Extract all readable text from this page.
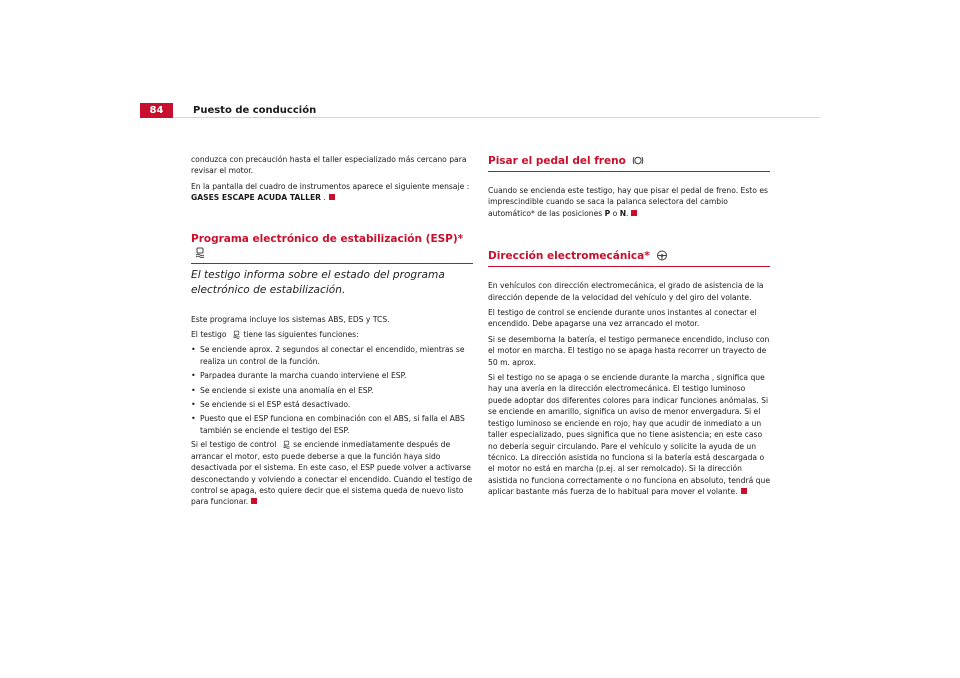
84	Puesto de conducción

conduzca con precaución hasta el taller especializado más cercano para revisar el motor.

En la pantalla del cuadro de instrumentos aparece el siguiente mensaje :
GASES ESCAPE ACUDA TALLER .

Programa electrónico de estabilización (ESP)*

El testigo informa sobre el estado del programa electrónico de estabilización.

Este programa incluye los sistemas ABS, EDS y TCS.

El testigo  tiene las siguientes funciones:

• Se enciende aprox. 2 segundos al conectar el encendido, mientras se realiza un control de la función.
• Parpadea durante la marcha cuando interviene el ESP.
• Se enciende si existe una anomalía en el ESP.
• Se enciende si el ESP está desactivado.
• Puesto que el ESP funciona en combinación con el ABS, si falla el ABS también se enciende el testigo del ESP.

Si el testigo de control  se enciende inmediatamente después de arrancar el motor, esto puede deberse a que la función haya sido desactivada por el sistema. En este caso, el ESP puede volver a activarse desconectando y volviendo a conectar el encendido. Cuando el testigo de control se apaga, esto quiere decir que el sistema queda de nuevo listo para funcionar.

Pisar el pedal del freno

Cuando se encienda este testigo, hay que pisar el pedal de freno. Esto es imprescindible cuando se saca la palanca selectora del cambio automático* de las posiciones P o N.

Dirección electromecánica*

En vehículos con dirección electromecánica, el grado de asistencia de la dirección depende de la velocidad del vehículo y del giro del volante.

El testigo de control se enciende durante unos instantes al conectar el encendido. Debe apagarse una vez arrancado el motor.

Si se desemborna la batería, el testigo permanece encendido, incluso con el motor en marcha. El testigo no se apaga hasta recorrer un trayecto de 50 m. aprox.

Si el testigo no se apaga o se enciende durante la marcha , significa que hay una avería en la dirección electromecánica. El testigo luminoso puede adoptar dos diferentes colores para indicar funciones anómalas. Si se enciende en amarillo, significa un aviso de menor envergadura. Si el testigo luminoso se enciende en rojo, hay que acudir de inmediato a un taller especializado, pues significa que no tiene asistencia; en este caso no debería seguir circulando. Pare el vehículo y solicite la ayuda de un técnico. La dirección asistida no funciona si la batería está descargada o el motor no está en marcha (p.ej. al ser remolcado). Si la dirección asistida no funciona correctamente o no funciona en absoluto, tendrá que aplicar bastante más fuerza de lo habitual para mover el volante.
